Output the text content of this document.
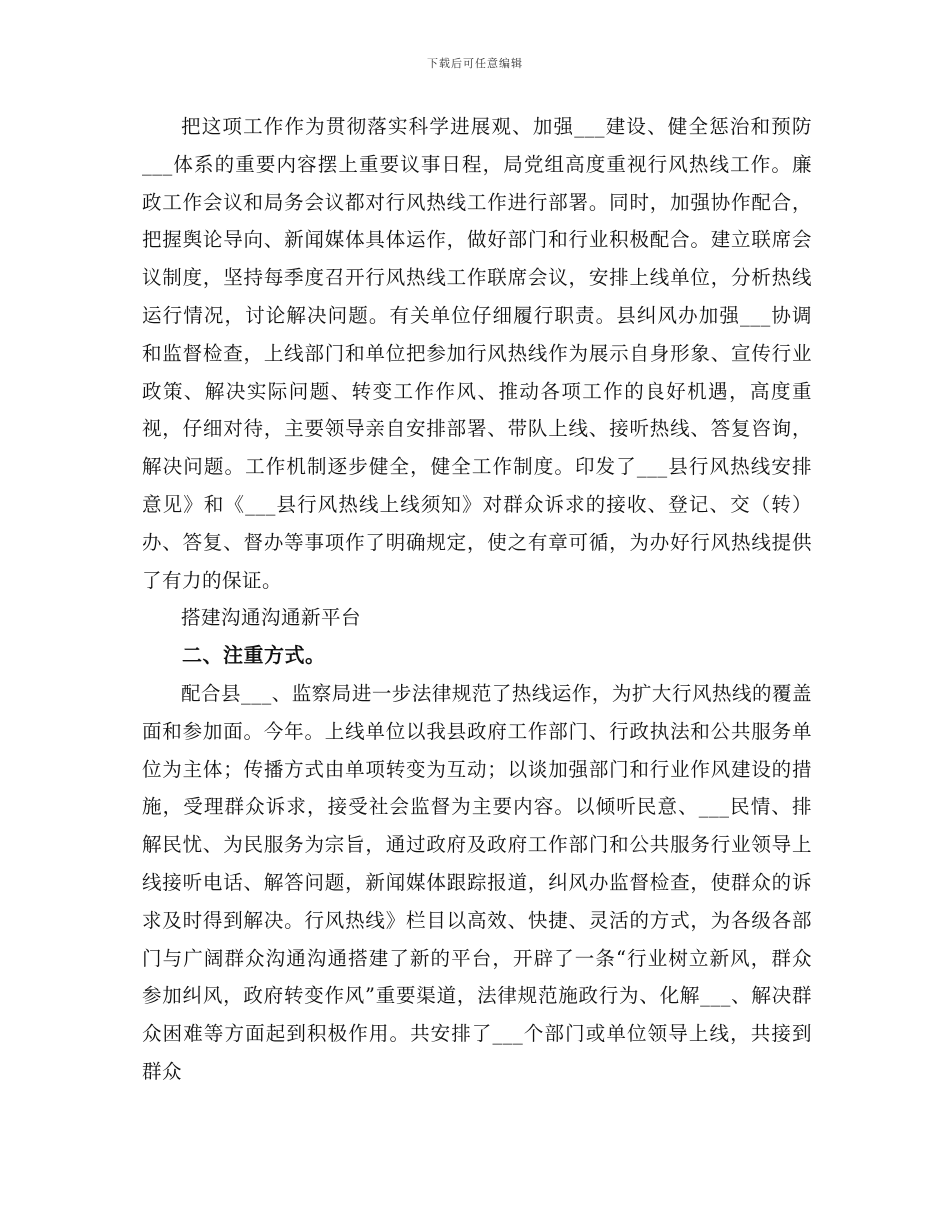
下载后可任意编辑

把这项工作作为贯彻落实科学进展观、加强___建设、健全惩治和预防___体系的重要内容摆上重要议事日程，局党组高度重视行风热线工作。廉政工作会议和局务会议都对行风热线工作进行部署。同时，加强协作配合，把握舆论导向、新闻媒体具体运作，做好部门和行业积极配合。建立联席会议制度，坚持每季度召开行风热线工作联席会议，安排上线单位，分析热线运行情况，讨论解决问题。有关单位仔细履行职责。县纠风办加强___协调和监督检查，上线部门和单位把参加行风热线作为展示自身形象、宣传行业政策、解决实际问题、转变工作作风、推动各项工作的良好机遇，高度重视，仔细对待，主要领导亲自安排部署、带队上线、接听热线、答复咨询，解决问题。工作机制逐步健全，健全工作制度。印发了___县行风热线安排意见》和《___县行风热线上线须知》对群众诉求的接收、登记、交（转）办、答复、督办等事项作了明确规定，使之有章可循，为办好行风热线提供了有力的保证。

搭建沟通沟通新平台

二、注重方式。

配合县___、监察局进一步法律规范了热线运作，为扩大行风热线的覆盖面和参加面。今年。上线单位以我县政府工作部门、行政执法和公共服务单位为主体；传播方式由单项转变为互动；以谈加强部门和行业作风建设的措施，受理群众诉求，接受社会监督为主要内容。以倾听民意、___民情、排解民忧、为民服务为宗旨，通过政府及政府工作部门和公共服务行业领导上线接听电话、解答问题，新闻媒体跟踪报道，纠风办监督检查，使群众的诉求及时得到解决。行风热线》栏目以高效、快捷、灵活的方式，为各级各部门与广阔群众沟通沟通搭建了新的平台，开辟了一条“行业树立新风，群众参加纠风，政府转变作风”重要渠道，法律规范施政行为、化解___、解决群众困难等方面起到积极作用。共安排了___个部门或单位领导上线，共接到群众
